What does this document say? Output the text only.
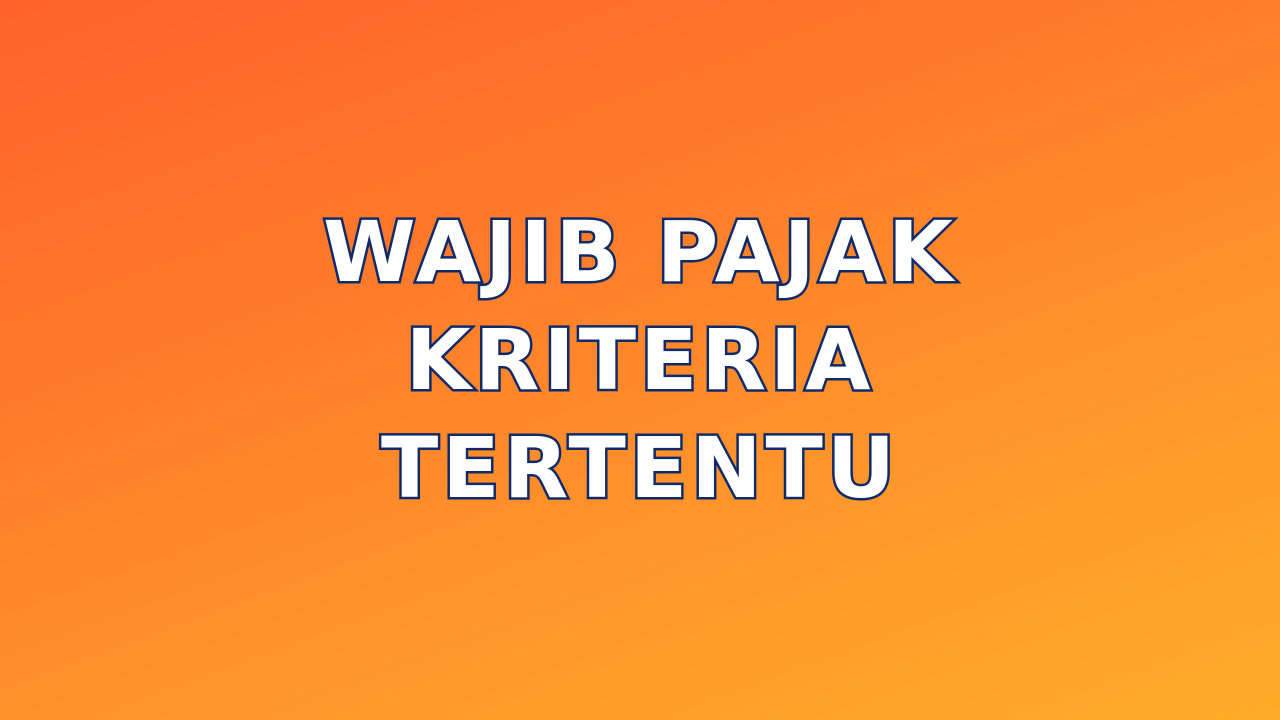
WAJIB PAJAK
KRITERIA
TERTENTU
